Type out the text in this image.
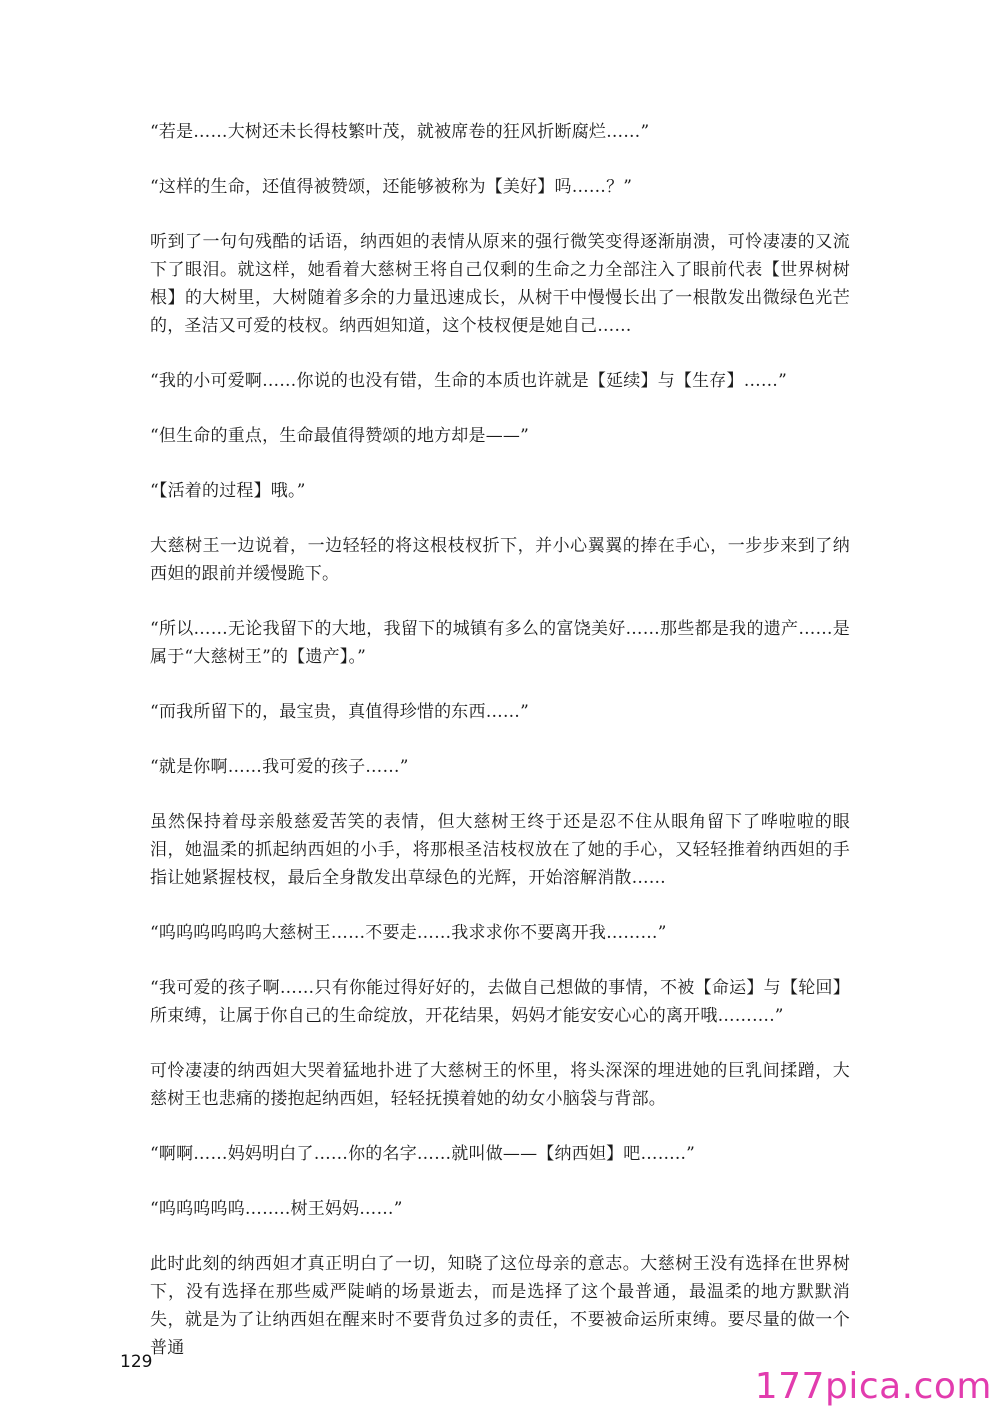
“若是……大树还未长得枝繁叶茂，就被席卷的狂风折断腐烂……”

“这样的生命，还值得被赞颂，还能够被称为【美好】吗……？”

听到了一句句残酷的话语，纳西妲的表情从原来的强行微笑变得逐渐崩溃，可怜凄凄的又流下了眼泪。就这样，她看着大慈树王将自己仅剩的生命之力全部注入了眼前代表【世界树树根】的大树里，大树随着多余的力量迅速成长，从树干中慢慢长出了一根散发出微绿色光芒的，圣洁又可爱的枝杈。纳西妲知道，这个枝杈便是她自己……

“我的小可爱啊……你说的也没有错，生命的本质也许就是【延续】与【生存】……”

“但生命的重点，生命最值得赞颂的地方却是——”

“【活着的过程】哦。”

大慈树王一边说着，一边轻轻的将这根枝杈折下，并小心翼翼的捧在手心，一步步来到了纳西妲的跟前并缓慢跪下。

“所以……无论我留下的大地，我留下的城镇有多么的富饶美好……那些都是我的遗产……是属于“大慈树王”的【遗产】。”

“而我所留下的，最宝贵，真值得珍惜的东西……”

“就是你啊……我可爱的孩子……”

虽然保持着母亲般慈爱苦笑的表情，但大慈树王终于还是忍不住从眼角留下了哗啦啦的眼泪，她温柔的抓起纳西妲的小手，将那根圣洁枝杈放在了她的手心，又轻轻推着纳西妲的手指让她紧握枝杈，最后全身散发出草绿色的光辉，开始溶解消散……

“呜呜呜呜呜呜大慈树王……不要走……我求求你不要离开我………”

“我可爱的孩子啊……只有你能过得好好的，去做自己想做的事情，不被【命运】与【轮回】所束缚，让属于你自己的生命绽放，开花结果，妈妈才能安安心心的离开哦……….”

可怜凄凄的纳西妲大哭着猛地扑进了大慈树王的怀里，将头深深的埋进她的巨乳间揉蹭，大慈树王也悲痛的搂抱起纳西妲，轻轻抚摸着她的幼女小脑袋与背部。

“啊啊……妈妈明白了……你的名字……就叫做——【纳西妲】吧……..”

“呜呜呜呜呜……..树王妈妈……”

此时此刻的纳西妲才真正明白了一切，知晓了这位母亲的意志。大慈树王没有选择在世界树下，没有选择在那些威严陡峭的场景逝去，而是选择了这个最普通，最温柔的地方默默消失，就是为了让纳西妲在醒来时不要背负过多的责任，不要被命运所束缚。要尽量的做一个普通

129
177pica.com
